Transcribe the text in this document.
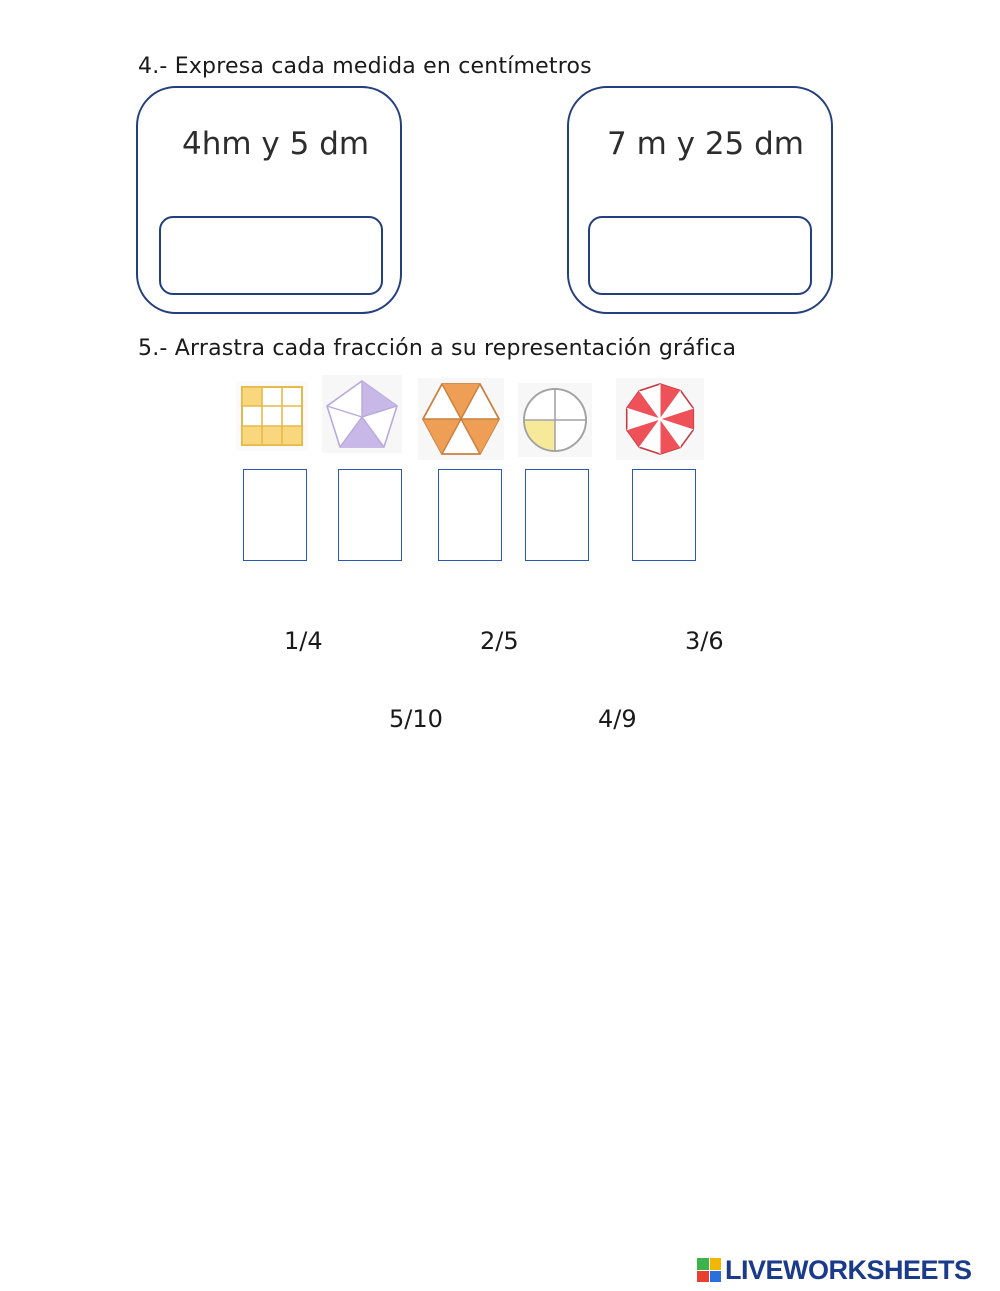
4.- Expresa cada medida en centímetros
4hm y 5 dm	7 m y 25 dm
5.- Arrastra cada fracción a su representación gráfica
1/4	2/5	3/6
5/10	4/9
LIVEWORKSHEETS
